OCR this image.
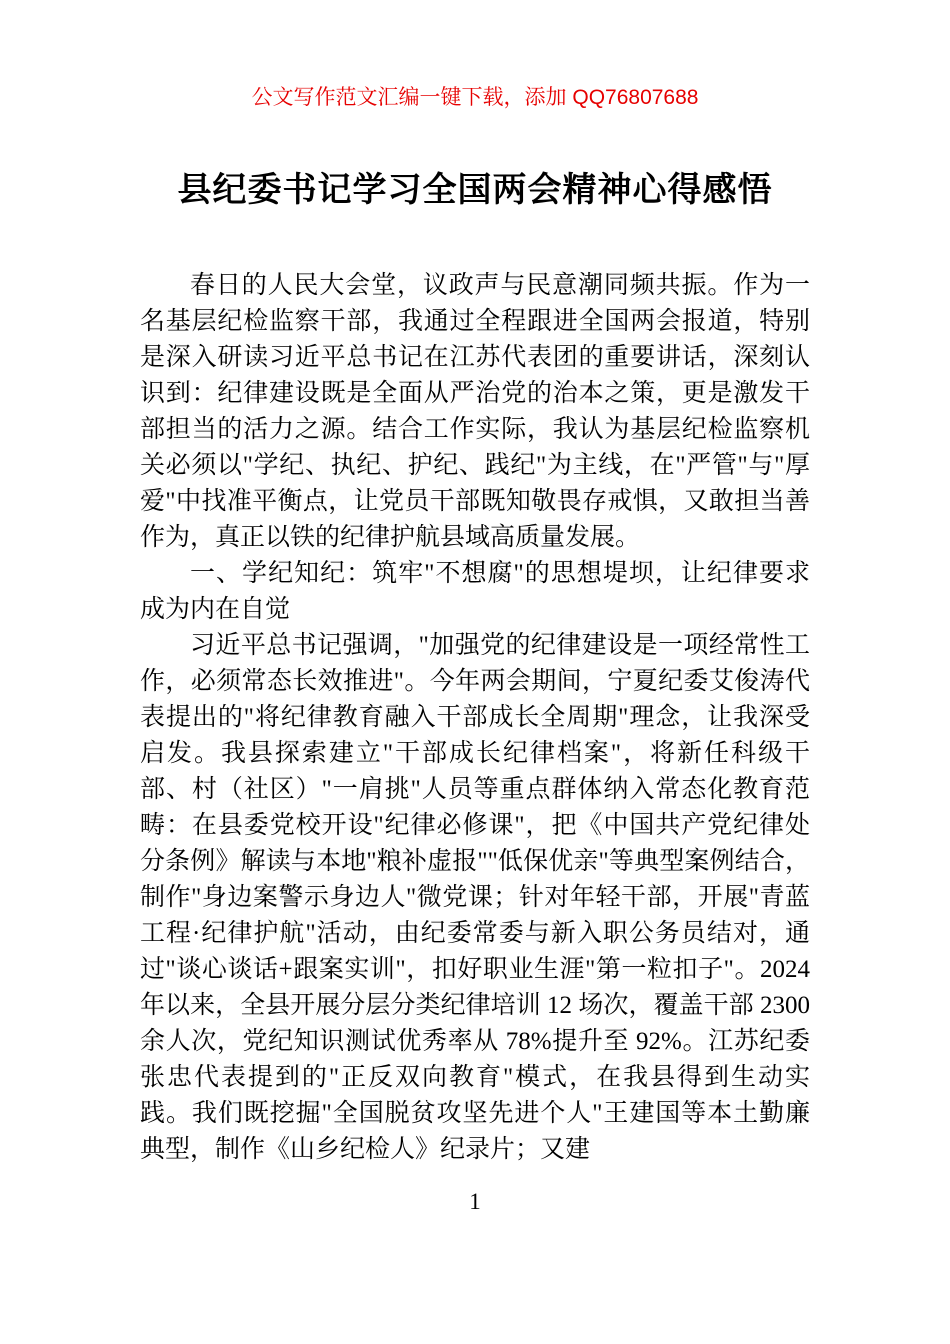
公文写作范文汇编一键下载，添加 QQ76807688
县纪委书记学习全国两会精神心得感悟

春日的人民大会堂，议政声与民意潮同频共振。作为一名基层纪检监察干部，我通过全程跟进全国两会报道，特别是深入研读习近平总书记在江苏代表团的重要讲话，深刻认识到：纪律建设既是全面从严治党的治本之策，更是激发干部担当的活力之源。结合工作实际，我认为基层纪检监察机关必须以"学纪、执纪、护纪、践纪"为主线，在"严管"与"厚爱"中找准平衡点，让党员干部既知敬畏存戒惧，又敢担当善作为，真正以铁的纪律护航县域高质量发展。

一、学纪知纪：筑牢"不想腐"的思想堤坝，让纪律要求成为内在自觉

习近平总书记强调，"加强党的纪律建设是一项经常性工作，必须常态长效推进"。今年两会期间，宁夏纪委艾俊涛代表提出的"将纪律教育融入干部成长全周期"理念，让我深受启发。我县探索建立"干部成长纪律档案"，将新任科级干部、村（社区）"一肩挑"人员等重点群体纳入常态化教育范畴：在县委党校开设"纪律必修课"，把《中国共产党纪律处分条例》解读与本地"粮补虚报""低保优亲"等典型案例结合，制作"身边案警示身边人"微党课；针对年轻干部，开展"青蓝工程·纪律护航"活动，由纪委常委与新入职公务员结对，通过"谈心谈话+跟案实训"，扣好职业生涯"第一粒扣子"。2024 年以来，全县开展分层分类纪律培训 12 场次，覆盖干部 2300 余人次，党纪知识测试优秀率从 78%提升至 92%。江苏纪委张忠代表提到的"正反双向教育"模式，在我县得到生动实践。我们既挖掘"全国脱贫攻坚先进个人"王建国等本土勤廉典型，制作《山乡纪检人》纪录片；又建

1
